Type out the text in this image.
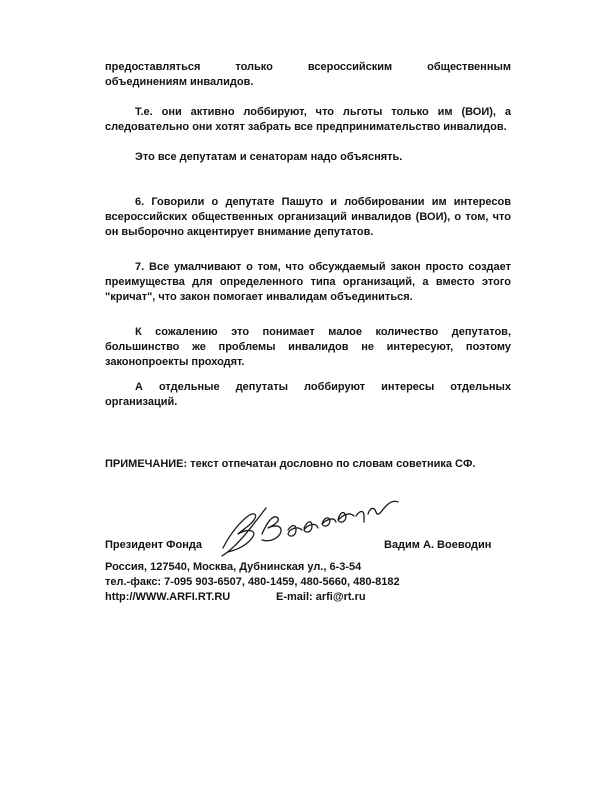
предоставляться только всероссийским общественным

объединениям инвалидов.

Т.е. они активно лоббируют, что льготы только им (ВОИ), а следовательно они хотят забрать все предпринимательство инвалидов.

Это все депутатам и сенаторам надо объяснять.

6. Говорили о депутате Пашуто и лоббировании им интересов всероссийских общественных организаций инвалидов (ВОИ), о том, что он выборочно акцентирует внимание депутатов.

7. Все умалчивают о том, что обсуждаемый закон просто создает преимущества для определенного типа организаций, а вместо этого "кричат", что закон помогает инвалидам объединиться.

К сожалению это понимает малое количество депутатов, большинство же проблемы инвалидов не интересуют, поэтому законопроекты проходят.

А отдельные депутаты лоббируют интересы отдельных организаций.

ПРИМЕЧАНИЕ: текст отпечатан дословно по словам советника СФ.

Президент Фонда	Вадим А. Воеводин
Россия, 127540, Москва, Дубнинская ул., 6-3-54
тел.-факс: 7-095 903-6507, 480-1459, 480-5660, 480-8182
http://WWW.ARFI.RT.RU	E-mail: arfi@rt.ru
